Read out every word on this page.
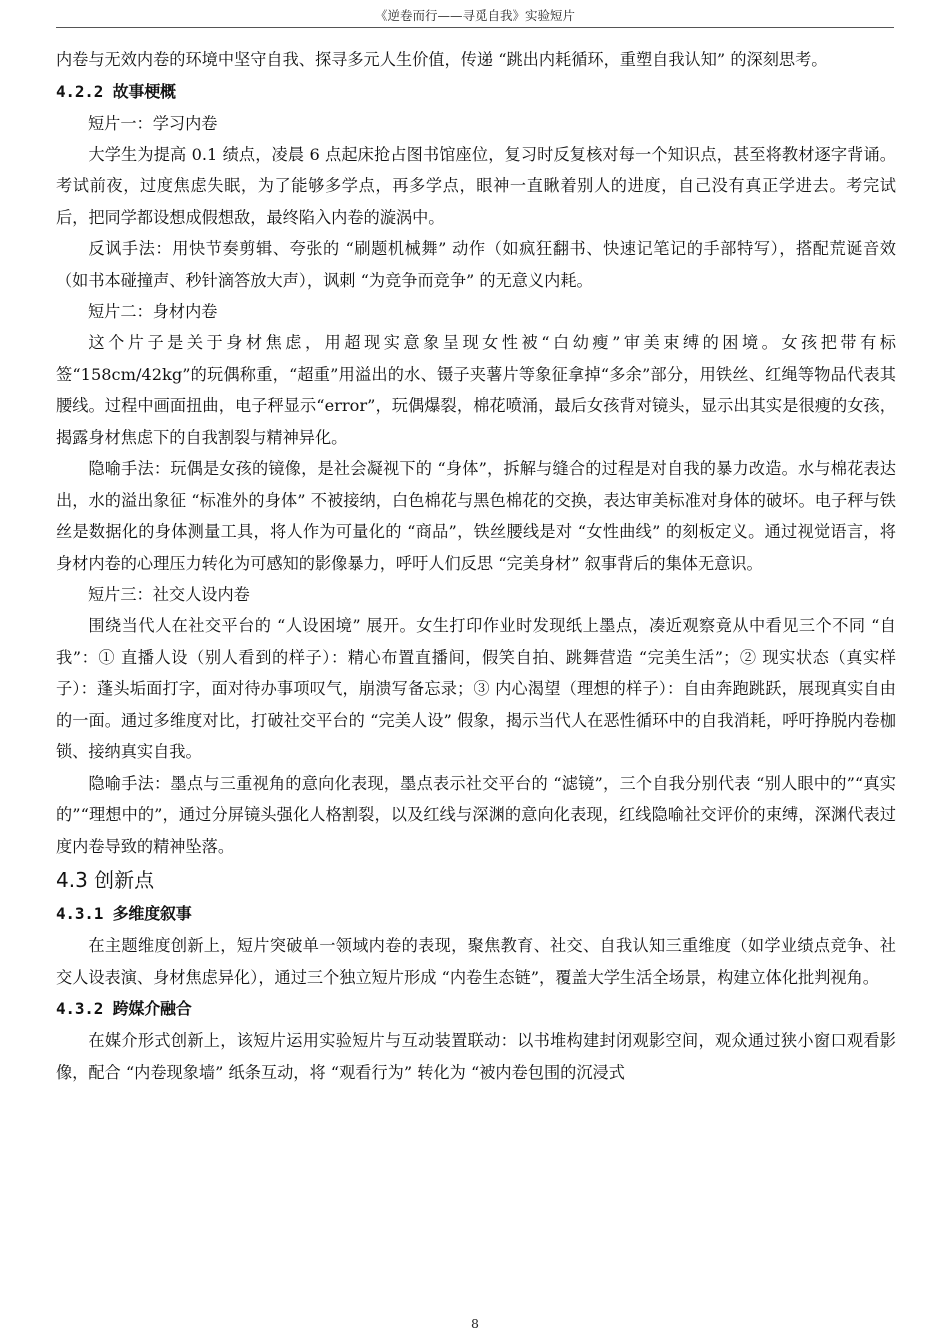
《逆卷而行——寻觅自我》实验短片

内卷与无效内卷的环境中坚守自我、探寻多元人生价值，传递 “跳出内耗循环，重塑自我认知” 的深刻思考。

4.2.2 故事梗概

短片一：学习内卷

大学生为提高 0.1 绩点，凌晨 6 点起床抢占图书馆座位，复习时反复核对每一个知识点，甚至将教材逐字背诵。考试前夜，过度焦虑失眠，为了能够多学点，再多学点，眼神一直瞅着别人的进度，自己没有真正学进去。考完试后，把同学都设想成假想敌，最终陷入内卷的漩涡中。

反讽手法：用快节奏剪辑、夸张的 “刷题机械舞” 动作（如疯狂翻书、快速记笔记的手部特写），搭配荒诞音效（如书本碰撞声、秒针滴答放大声），讽刺 “为竞争而竞争” 的无意义内耗。

短片二：身材内卷

这个片子是关于身材焦虑，用超现实意象呈现女性被“白幼瘦”审美束缚的困境。女孩把带有标签“158cm/42kg”的玩偶称重，“超重”用溢出的水、镊子夹薯片等象征拿掉“多余”部分，用铁丝、红绳等物品代表其腰线。过程中画面扭曲，电子秤显示“error”，玩偶爆裂，棉花喷涌，最后女孩背对镜头，显示出其实是很瘦的女孩，揭露身材焦虑下的自我割裂与精神异化。

隐喻手法：玩偶是女孩的镜像，是社会凝视下的 “身体”，拆解与缝合的过程是对自我的暴力改造。水与棉花表达出，水的溢出象征 “标准外的身体” 不被接纳，白色棉花与黑色棉花的交换，表达审美标准对身体的破坏。电子秤与铁丝是数据化的身体测量工具，将人作为可量化的 “商品”，铁丝腰线是对 “女性曲线” 的刻板定义。通过视觉语言，将身材内卷的心理压力转化为可感知的影像暴力，呼吁人们反思 “完美身材” 叙事背后的集体无意识。

短片三：社交人设内卷

围绕当代人在社交平台的 “人设困境” 展开。女生打印作业时发现纸上墨点，凑近观察竟从中看见三个不同 “自我”：① 直播人设（别人看到的样子）：精心布置直播间，假笑自拍、跳舞营造 “完美生活”；② 现实状态（真实样子）：蓬头垢面打字，面对待办事项叹气，崩溃写备忘录；③ 内心渴望（理想的样子）：自由奔跑跳跃，展现真实自由的一面。通过多维度对比，打破社交平台的 “完美人设” 假象，揭示当代人在恶性循环中的自我消耗，呼吁挣脱内卷枷锁、接纳真实自我。

隐喻手法：墨点与三重视角的意向化表现，墨点表示社交平台的 “滤镜”，三个自我分别代表 “别人眼中的”“真实的”“理想中的”，通过分屏镜头强化人格割裂，以及红线与深渊的意向化表现，红线隐喻社交评价的束缚，深渊代表过度内卷导致的精神坠落。

4.3 创新点
4.3.1 多维度叙事

在主题维度创新上，短片突破单一领域内卷的表现，聚焦教育、社交、自我认知三重维度（如学业绩点竞争、社交人设表演、身材焦虑异化），通过三个独立短片形成 “内卷生态链”，覆盖大学生活全场景，构建立体化批判视角。

4.3.2 跨媒介融合

在媒介形式创新上，该短片运用实验短片与互动装置联动：以书堆构建封闭观影空间，观众通过狭小窗口观看影像，配合 “内卷现象墙” 纸条互动，将 “观看行为” 转化为 “被内卷包围的沉浸式

8
